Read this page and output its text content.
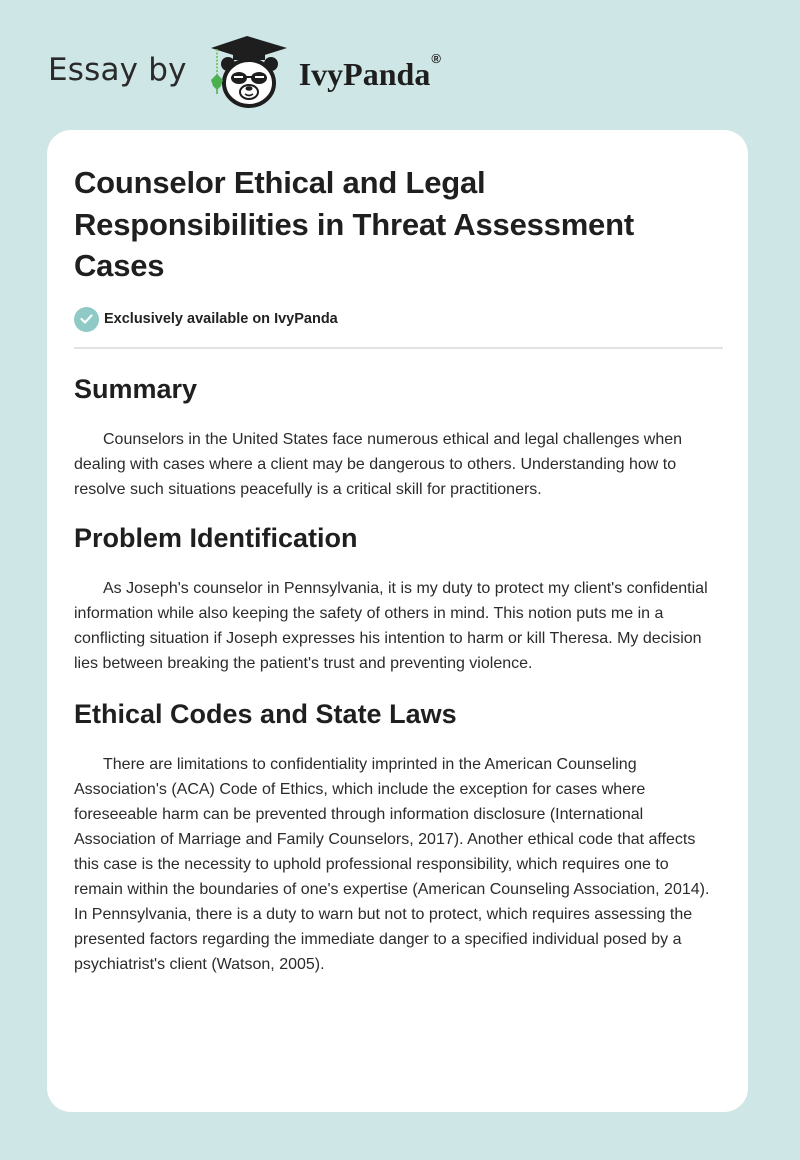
Essay by	IvyPanda ®
Counselor Ethical and Legal Responsibilities in Threat Assessment Cases
Exclusively available on IvyPanda
Summary

Counselors in the United States face numerous ethical and legal challenges when dealing with cases where a client may be dangerous to others. Understanding how to resolve such situations peacefully is a critical skill for practitioners.

Problem Identification

As Joseph's counselor in Pennsylvania, it is my duty to protect my client's confidential information while also keeping the safety of others in mind. This notion puts me in a conflicting situation if Joseph expresses his intention to harm or kill Theresa. My decision lies between breaking the patient's trust and preventing violence.

Ethical Codes and State Laws

There are limitations to confidentiality imprinted in the American Counseling Association's (ACA) Code of Ethics, which include the exception for cases where foreseeable harm can be prevented through information disclosure (International Association of Marriage and Family Counselors, 2017). Another ethical code that affects this case is the necessity to uphold professional responsibility, which requires one to remain within the boundaries of one's expertise (American Counseling Association, 2014). In Pennsylvania, there is a duty to warn but not to protect, which requires assessing the presented factors regarding the immediate danger to a specified individual posed by a psychiatrist's client (Watson, 2005).
